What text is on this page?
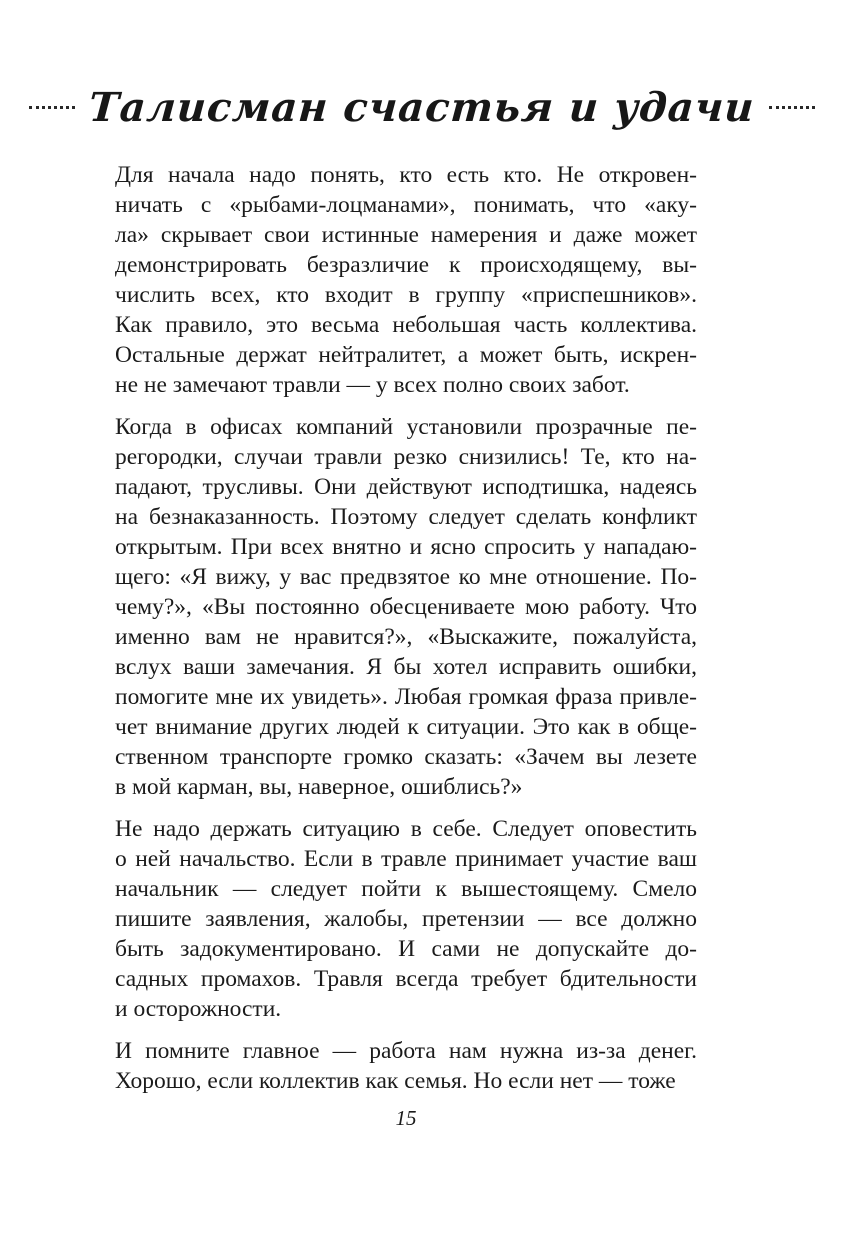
Талисман счастья и удачи

Для начала надо понять, кто есть кто. Не откровен-
ничать с «рыбами-лоцманами», понимать, что «аку-
ла» скрывает свои истинные намерения и даже может
демонстрировать безразличие к происходящему, вы-
числить всех, кто входит в группу «приспешников».
Как правило, это весьма небольшая часть коллектива.
Остальные держат нейтралитет, а может быть, искрен-
не не замечают травли — у всех полно своих забот.

Когда в офисах компаний установили прозрачные пе-
регородки, случаи травли резко снизились! Те, кто на-
падают, трусливы. Они действуют исподтишка, надеясь
на безнаказанность. Поэтому следует сделать конфликт
открытым. При всех внятно и ясно спросить у нападаю-
щего: «Я вижу, у вас предвзятое ко мне отношение. По-
чему?», «Вы постоянно обесцениваете мою работу. Что
именно вам не нравится?», «Выскажите, пожалуйста,
вслух ваши замечания. Я бы хотел исправить ошибки,
помогите мне их увидеть». Любая громкая фраза привле-
чет внимание других людей к ситуации. Это как в обще-
ственном транспорте громко сказать: «Зачем вы лезете
в мой карман, вы, наверное, ошиблись?»

Не надо держать ситуацию в себе. Следует оповестить
о ней начальство. Если в травле принимает участие ваш
начальник — следует пойти к вышестоящему. Смело
пишите заявления, жалобы, претензии — все должно
быть задокументировано. И сами не допускайте до-
садных промахов. Травля всегда требует бдительности
и осторожности.

И помните главное — работа нам нужна из-за денег.
Хорошо, если коллектив как семья. Но если нет — тоже

15
